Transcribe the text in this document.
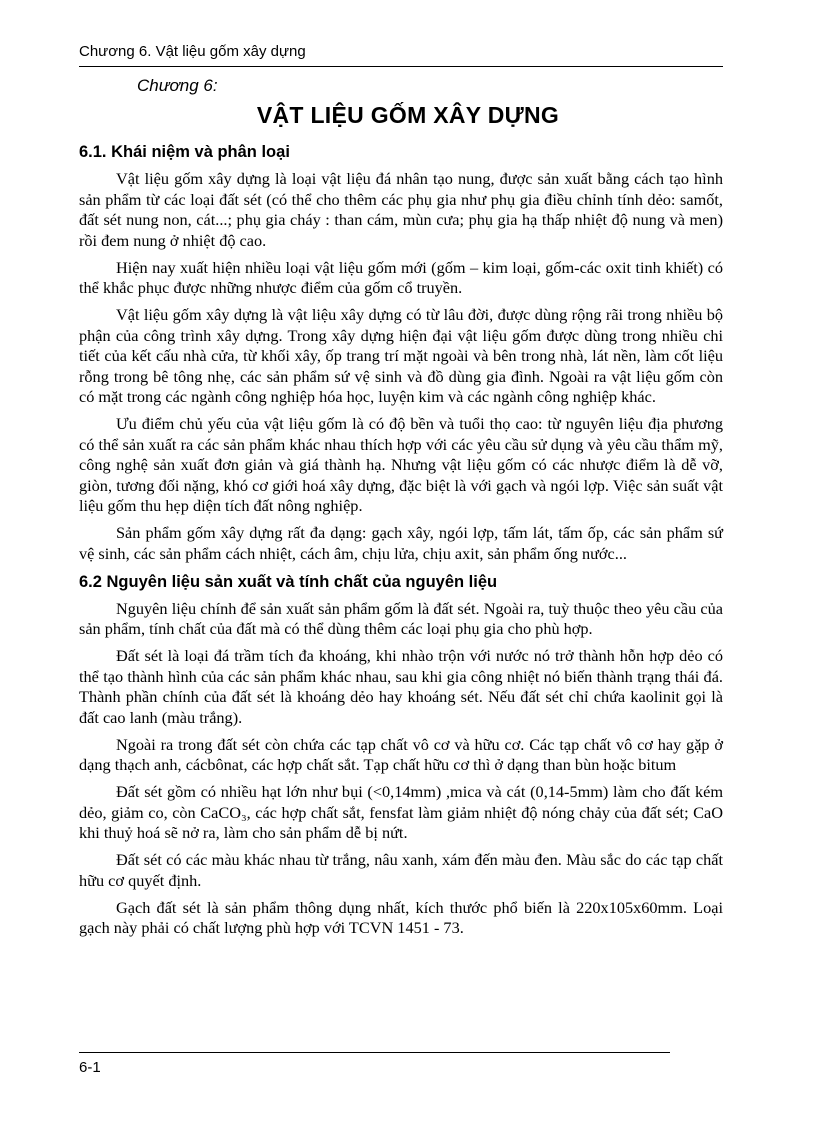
Chương 6. Vật liệu gốm xây dựng
Chương 6:
VẬT LIỆU GỐM XÂY DỰNG
6.1. Khái niệm và phân loại

Vật liệu gốm xây dựng là loại vật liệu đá nhân tạo nung, được sản xuất bằng cách tạo hình sản phẩm từ các loại đất sét (có thể cho thêm các phụ gia như phụ gia điều chỉnh tính dẻo: samốt, đất sét nung non, cát...; phụ gia cháy : than cám, mùn cưa; phụ gia hạ thấp nhiệt độ nung và men) rồi đem nung ở nhiệt độ cao.

Hiện nay xuất hiện nhiều loại vật liệu gốm mới (gốm – kim loại, gốm-các oxit tinh khiết) có thể khắc phục được những nhược điểm của gốm cổ truyền.

Vật liệu gốm xây dựng là vật liệu xây dựng có từ lâu đời, được dùng rộng rãi trong nhiều bộ phận của công trình xây dựng. Trong xây dựng hiện đại vật liệu gốm được dùng trong nhiều chi tiết của kết cấu nhà cửa, từ khối xây, ốp trang trí mặt ngoài và bên trong nhà, lát nền, làm cốt liệu rỗng trong bê tông nhẹ, các sản phẩm sứ vệ sinh và đồ dùng gia đình. Ngoài ra vật liệu gốm còn có mặt trong các ngành công nghiệp hóa học, luyện kim và các ngành công nghiệp khác.

Ưu điểm chủ yếu của vật liệu gốm là có độ bền và tuổi thọ cao: từ nguyên liệu địa phương có thể sản xuất ra các sản phẩm khác nhau thích hợp với các yêu cầu sử dụng và yêu cầu thẩm mỹ, công nghệ sản xuất đơn giản và giá thành hạ. Nhưng vật liệu gốm có các nhược điểm là dễ vỡ, giòn, tương đối nặng, khó cơ giới hoá xây dựng, đặc biệt là với gạch và ngói lợp. Việc sản suất vật liệu gốm thu hẹp diện tích đất nông nghiệp.

Sản phẩm gốm xây dựng rất đa dạng: gạch xây, ngói lợp, tấm lát, tấm ốp, các sản phẩm sứ vệ sinh, các sản phẩm cách nhiệt, cách âm, chịu lửa, chịu axit, sản phẩm ống nước...

6.2 Nguyên liệu sản xuất và tính chất của nguyên liệu

Nguyên liệu chính để sản xuất sản phẩm gốm là đất sét. Ngoài ra, tuỳ thuộc theo yêu cầu của sản phẩm, tính chất của đất mà có thể dùng thêm các loại phụ gia cho phù hợp.

Đất sét là loại đá trầm tích đa khoáng, khi nhào trộn với nước nó trở thành hỗn hợp dẻo có thể tạo thành hình của các sản phẩm khác nhau, sau khi gia công nhiệt nó biến thành trạng thái đá. Thành phần chính của đất sét là khoáng dẻo hay khoáng sét. Nếu đất sét chỉ chứa kaolinit gọi là đất cao lanh (màu trắng).

Ngoài ra trong đất sét còn chứa các tạp chất vô cơ và hữu cơ. Các tạp chất vô cơ hay gặp ở dạng thạch anh, cácbônat, các hợp chất sắt. Tạp chất hữu cơ thì ở dạng than bùn hoặc bitum

Đất sét gồm có nhiều hạt lớn như bụi (<0,14mm) ,mica và cát (0,14-5mm) làm cho đất kém dẻo, giảm co, còn CaCO₃, các hợp chất sắt, fensfat làm giảm nhiệt độ nóng chảy của đất sét; CaO khi thuỷ hoá sẽ nở ra, làm cho sản phẩm dễ bị nứt.

Đất sét có các màu khác nhau từ trắng, nâu xanh, xám đến màu đen. Màu sắc do các tạp chất hữu cơ quyết định.

Gạch đất sét là sản phẩm thông dụng nhất, kích thước phổ biến là 220x105x60mm. Loại gạch này phải có chất lượng phù hợp với TCVN 1451 - 73.

6-1
